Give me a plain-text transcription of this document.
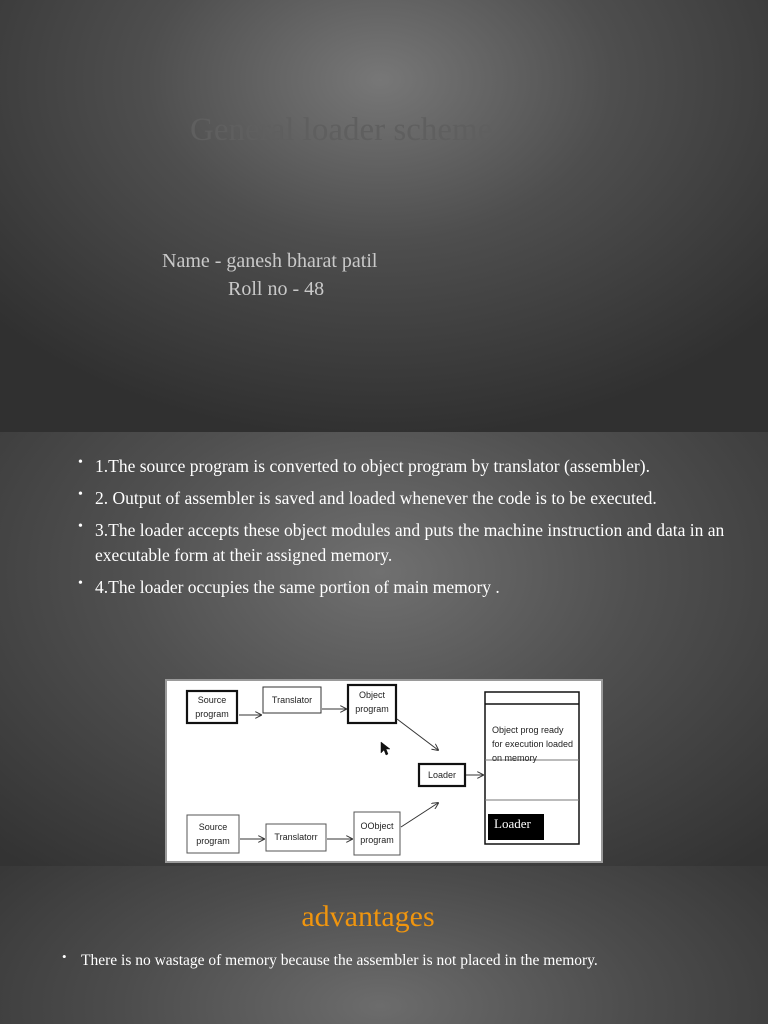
General loader scheme
Name - ganesh bharat patil
Roll no - 48
• 1.The source program is converted to object program by translator (assembler).
• 2. Output of assembler is saved and loaded whenever the code is to be executed.
• 3.The loader accepts these object modules and puts the machine instruction and data in an executable form at their assigned memory.
• 4.The loader occupies the same portion of main memory .
Source
program
Translator	Object
program
Loader
Object prog ready
for execution loaded
on memory
Loader
Source
program	Translatorr
OObject
program
advantages
• There is no wastage of memory because the assembler is not placed in the memory.
